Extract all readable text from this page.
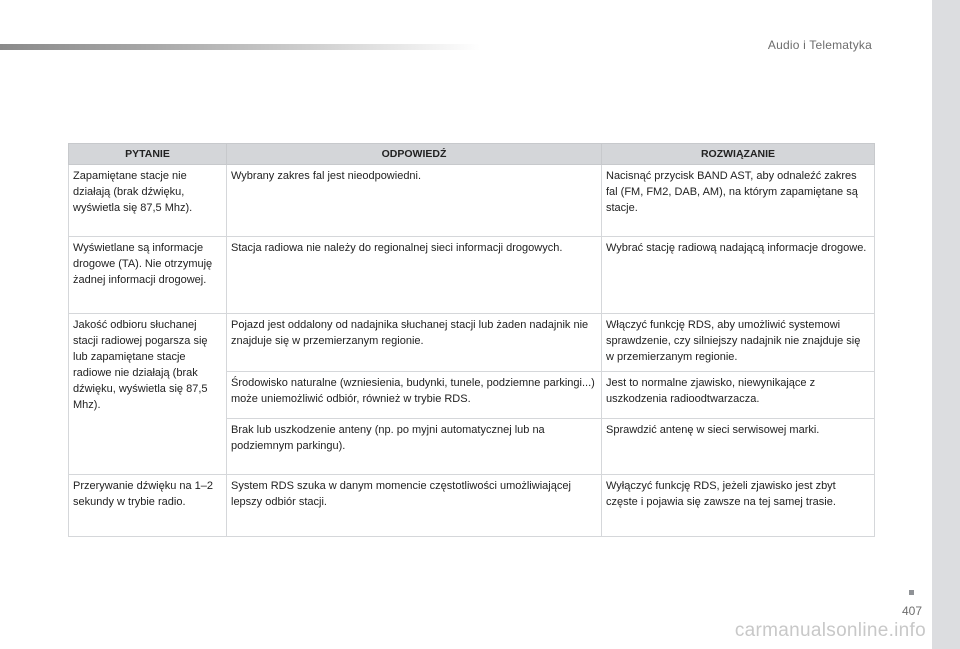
Audio i Telematyka
PYTANIE	ODPOWIEDŹ	ROZWIĄZANIE
Zapamiętane stacje nie działają (brak dźwięku, wyświetla się 87,5 Mhz).	Wybrany zakres fal jest nieodpowiedni.	Nacisnąć przycisk BAND AST, aby odnaleźć zakres fal (FM, FM2, DAB, AM), na którym zapamiętane są stacje.
Wyświetlane są informacje drogowe (TA). Nie otrzymuję żadnej informacji drogowej.	Stacja radiowa nie należy do regionalnej sieci informacji drogowych.	Wybrać stację radiową nadającą informacje drogowe.
Jakość odbioru słuchanej stacji radiowej pogarsza się lub zapamiętane stacje radiowe nie działają (brak dźwięku, wyświetla się 87,5 Mhz).	Pojazd jest oddalony od nadajnika słuchanej stacji lub żaden nadajnik nie znajduje się w przemierzanym regionie.	Włączyć funkcję RDS, aby umożliwić systemowi sprawdzenie, czy silniejszy nadajnik nie znajduje się w przemierzanym regionie.
	Środowisko naturalne (wzniesienia, budynki, tunele, podziemne parkingi...) może uniemożliwić odbiór, również w trybie RDS.	Jest to normalne zjawisko, niewynikające z uszkodzenia radioodtwarzacza.
	Brak lub uszkodzenie anteny (np. po myjni automatycznej lub na podziemnym parkingu).	Sprawdzić antenę w sieci serwisowej marki.
Przerywanie dźwięku na 1–2 sekundy w trybie radio.	System RDS szuka w danym momencie częstotliwości umożliwiającej lepszy odbiór stacji.	Wyłączyć funkcję RDS, jeżeli zjawisko jest zbyt częste i pojawia się zawsze na tej samej trasie.
407
carmanualsonline.info
